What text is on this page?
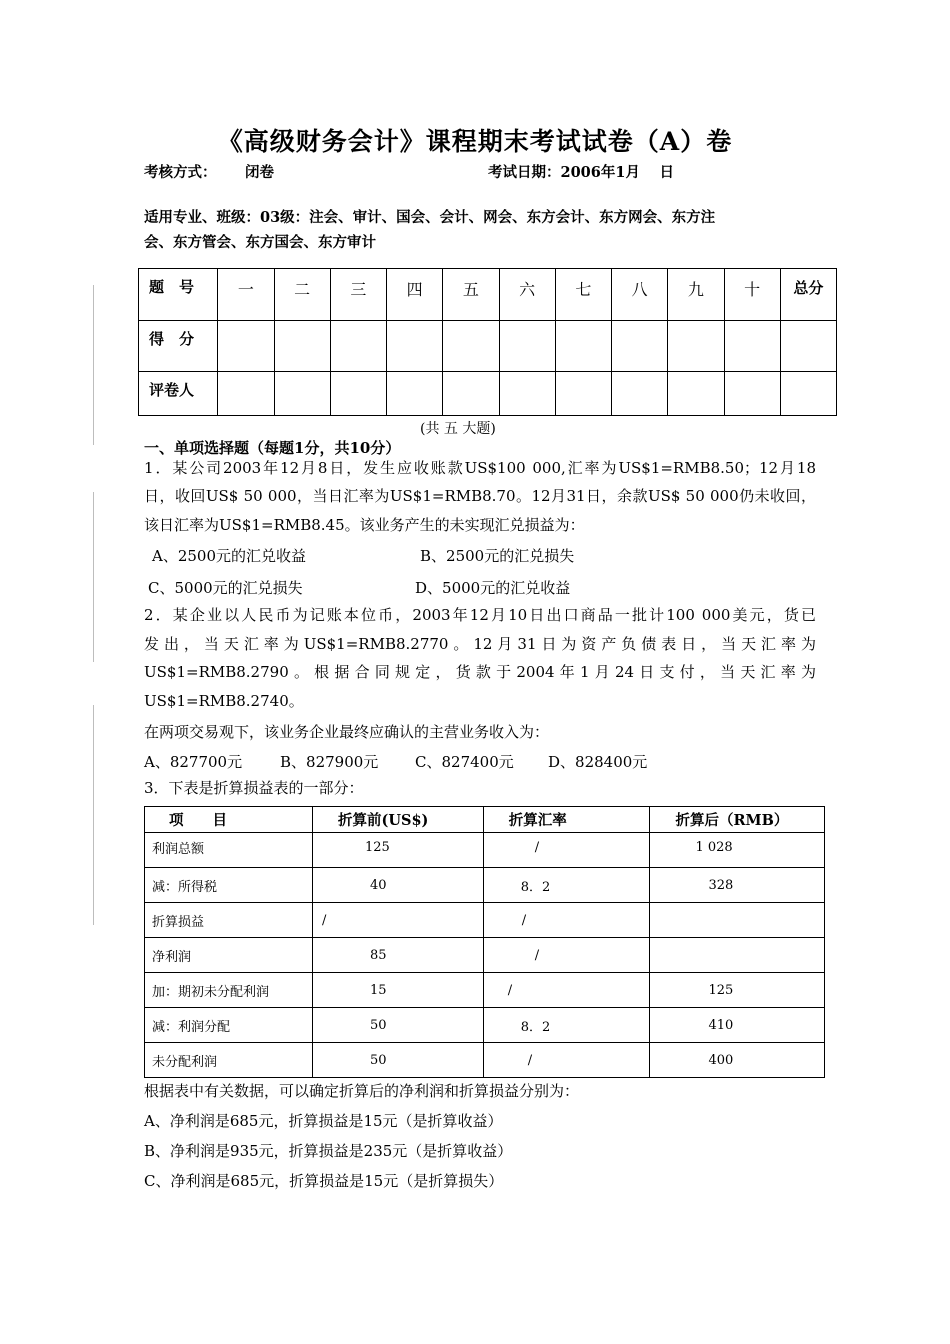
《高级财务会计》课程期末考试试卷（A）卷
考核方式： 闭卷	考试日期：2006年1月　 日
适用专业、班级：03级：注会、审计、国会、会计、网会、东方会计、东方网会、东方注
会、东方管会、东方国会、东方审计
题　号	一	二	三	四	五	六	七	八	九	十	总分
得　分											
评卷人											
(共 五 大题)
一、单项选择题（每题1分，共10分）
1．某公司2003年12月8日，发生应收账款US$100 000,汇率为US$1=RMB8.50；12月18
日，收回US$ 50 000，当日汇率为US$1=RMB8.70。12月31日，余款US$ 50 000仍未收回，
该日汇率为US$1=RMB8.45。该业务产生的未实现汇兑损益为：
A、2500元的汇兑收益	B、2500元的汇兑损失
C、5000元的汇兑损失	D、5000元的汇兑收益
2．某企业以人民币为记账本位币，2003年12月10日出口商品一批计100 000美元，货已
发出，当天汇率为US$1=RMB8.2770。12月31日为资产负债表日，当天汇率为
US$1=RMB8.2790。根据合同规定，货款于2004年1月24日支付，当天汇率为
US$1=RMB8.2740。
在两项交易观下，该业务企业最终应确认的主营业务收入为：
A、827700元	B、827900元 C、827400元 D、828400元
3．下表是折算损益表的一部分：
项　　目	折算前(US$)	折算汇率	折算后（RMB）
利润总额	125	/	1 028
减：所得税	40	8．2	328
折算损益	/	/	
净利润	85	/	
加：期初未分配利润	15	/	125
减：利润分配	50	8．2	410
未分配利润	50	/	400
根据表中有关数据，可以确定折算后的净利润和折算损益分别为：
A、净利润是685元，折算损益是15元（是折算收益）
B、净利润是935元，折算损益是235元（是折算收益）
C、净利润是685元，折算损益是15元（是折算损失）
